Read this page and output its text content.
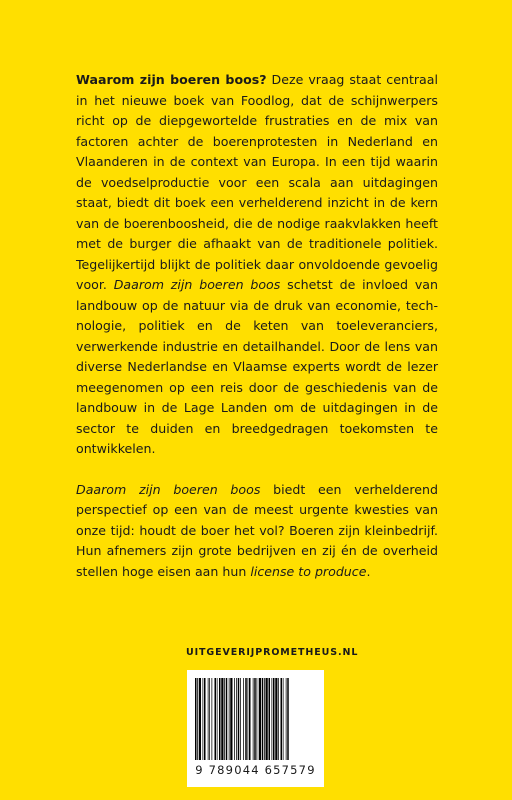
Waarom zijn boeren boos? Deze vraag staat centraal in het nieuwe boek van Foodlog, dat de schijnwerpers richt op de diepgewortelde frustraties en de mix van factoren achter de boerenprotesten in Nederland en Vlaanderen in de context van Europa. In een tijd waarin de voedselproductie voor een scala aan uitdagingen staat, biedt dit boek een verhelderend inzicht in de kern van de boerenboosheid, die de nodige raakvlakken heeft met de burger die afhaakt van de traditionele politiek. Tegelijkertijd blijkt de politiek daar onvoldoende gevoelig voor. Daarom zijn boeren boos schetst de invloed van landbouw op de natuur via de druk van economie, technologie, politiek en de keten van toeleveranciers, verwerkende industrie en detailhandel. Door de lens van diverse Nederlandse en Vlaamse experts wordt de lezer meegenomen op een reis door de geschiedenis van de landbouw in de Lage Landen om de uitdagingen in de sector te duiden en breedgedragen toekomsten te ontwikkelen.

Daarom zijn boeren boos biedt een verhelderend perspectief op een van de meest urgente kwesties van onze tijd: houdt de boer het vol? Boeren zijn kleinbedrijf. Hun afnemers zijn grote bedrijven en zij én de overheid stellen hoge eisen aan hun license to produce.

UITGEVERIJPROMETHEUS.NL
9 789044 657579
